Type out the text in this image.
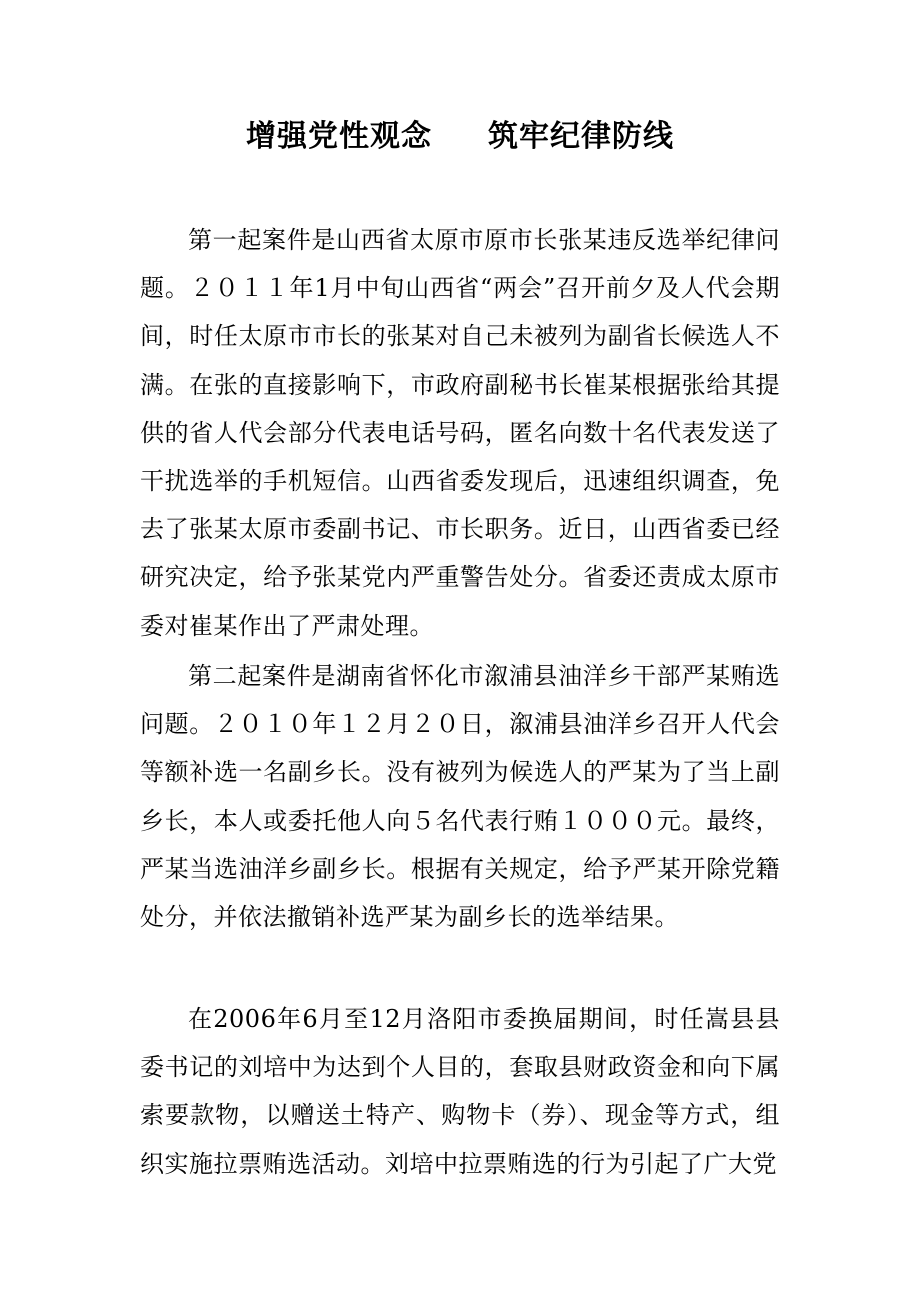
增强党性观念 筑牢纪律防线

第一起案件是山西省太原市原市长张某违反选举纪律问题。２０１１年1月中旬山西省“两会”召开前夕及人代会期间，时任太原市市长的张某对自己未被列为副省长候选人不满。在张的直接影响下，市政府副秘书长崔某根据张给其提供的省人代会部分代表电话号码，匿名向数十名代表发送了干扰选举的手机短信。山西省委发现后，迅速组织调查，免去了张某太原市委副书记、市长职务。近日，山西省委已经研究决定，给予张某党内严重警告处分。省委还责成太原市委对崔某作出了严肃处理。

第二起案件是湖南省怀化市溆浦县油洋乡干部严某贿选问题。２０１０年１２月２０日，溆浦县油洋乡召开人代会等额补选一名副乡长。没有被列为候选人的严某为了当上副乡长，本人或委托他人向５名代表行贿１０００元。最终，严某当选油洋乡副乡长。根据有关规定，给予严某开除党籍处分，并依法撤销补选严某为副乡长的选举结果。

在2006年6月至12月洛阳市委换届期间，时任嵩县县委书记的刘培中为达到个人目的，套取县财政资金和向下属索要款物，以赠送土特产、购物卡（券）、现金等方式，组织实施拉票贿选活动。刘培中拉票贿选的行为引起了广大党
